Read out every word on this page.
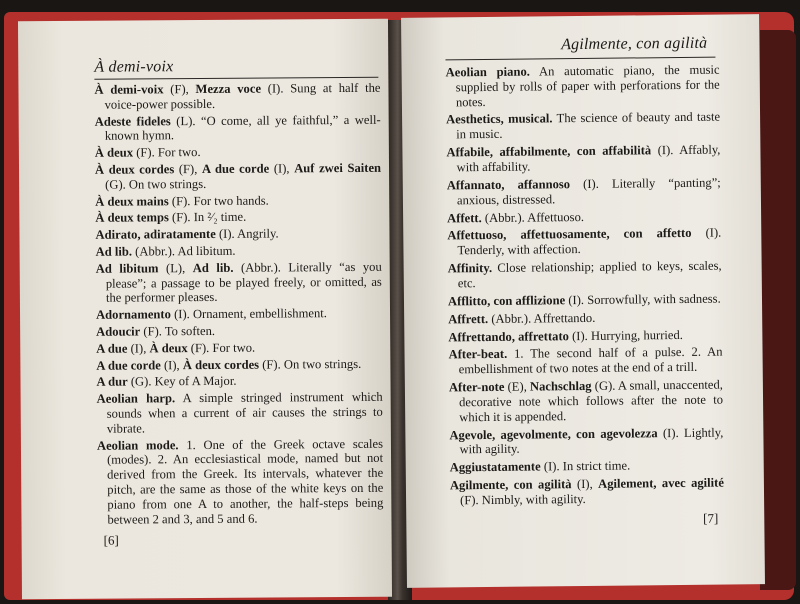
À demi-voix
À demi-voix (F), Mezza voce (I). Sung at half the voice-power possible.
Adeste fideles (L). “O come, all ye faithful,” a well-known hymn.
À deux (F). For two.
À deux cordes (F), A due corde (I), Auf zwei Saiten (G). On two strings.
À deux mains (F). For two hands.
À deux temps (F). In ²⁄₂ time.
Adirato, adiratamente (I). Angrily.
Ad lib. (Abbr.). Ad libitum.
Ad libitum (L), Ad lib. (Abbr.). Literally “as you please”; a passage to be played freely, or omitted, as the performer pleases.
Adornamento (I). Ornament, embellishment.
Adoucir (F). To soften.
A due (I), À deux (F). For two.
A due corde (I), À deux cordes (F). On two strings.
A dur (G). Key of A Major.
Aeolian harp. A simple stringed instrument which sounds when a current of air causes the strings to vibrate.
Aeolian mode. 1. One of the Greek octave scales (modes). 2. An ecclesiastical mode, named but not derived from the Greek. Its intervals, whatever the pitch, are the same as those of the white keys on the piano from one A to another, the half-steps being between 2 and 3, and 5 and 6.
[6]
Agilmente, con agilità
Aeolian piano. An automatic piano, the music supplied by rolls of paper with perforations for the notes.
Aesthetics, musical. The science of beauty and taste in music.
Affabile, affabilmente, con affabilità (I). Affably, with affability.
Affannato, affannoso (I). Literally “panting”; anxious, distressed.
Affett. (Abbr.). Affettuoso.
Affettuoso, affettuosamente, con affetto (I). Tenderly, with affection.
Affinity. Close relationship; applied to keys, scales, etc.
Afflitto, con afflizione (I). Sorrowfully, with sadness.
Affrett. (Abbr.). Affrettando.
Affrettando, affrettato (I). Hurrying, hurried.
After-beat. 1. The second half of a pulse. 2. An embellishment of two notes at the end of a trill.
After-note (E), Nachschlag (G). A small, unaccented, decorative note which follows after the note to which it is appended.
Agevole, agevolmente, con agevolezza (I). Lightly, with agility.
Aggiustatamente (I). In strict time.
Agilmente, con agilità (I), Agilement, avec agilité (F). Nimbly, with agility.
[7]
